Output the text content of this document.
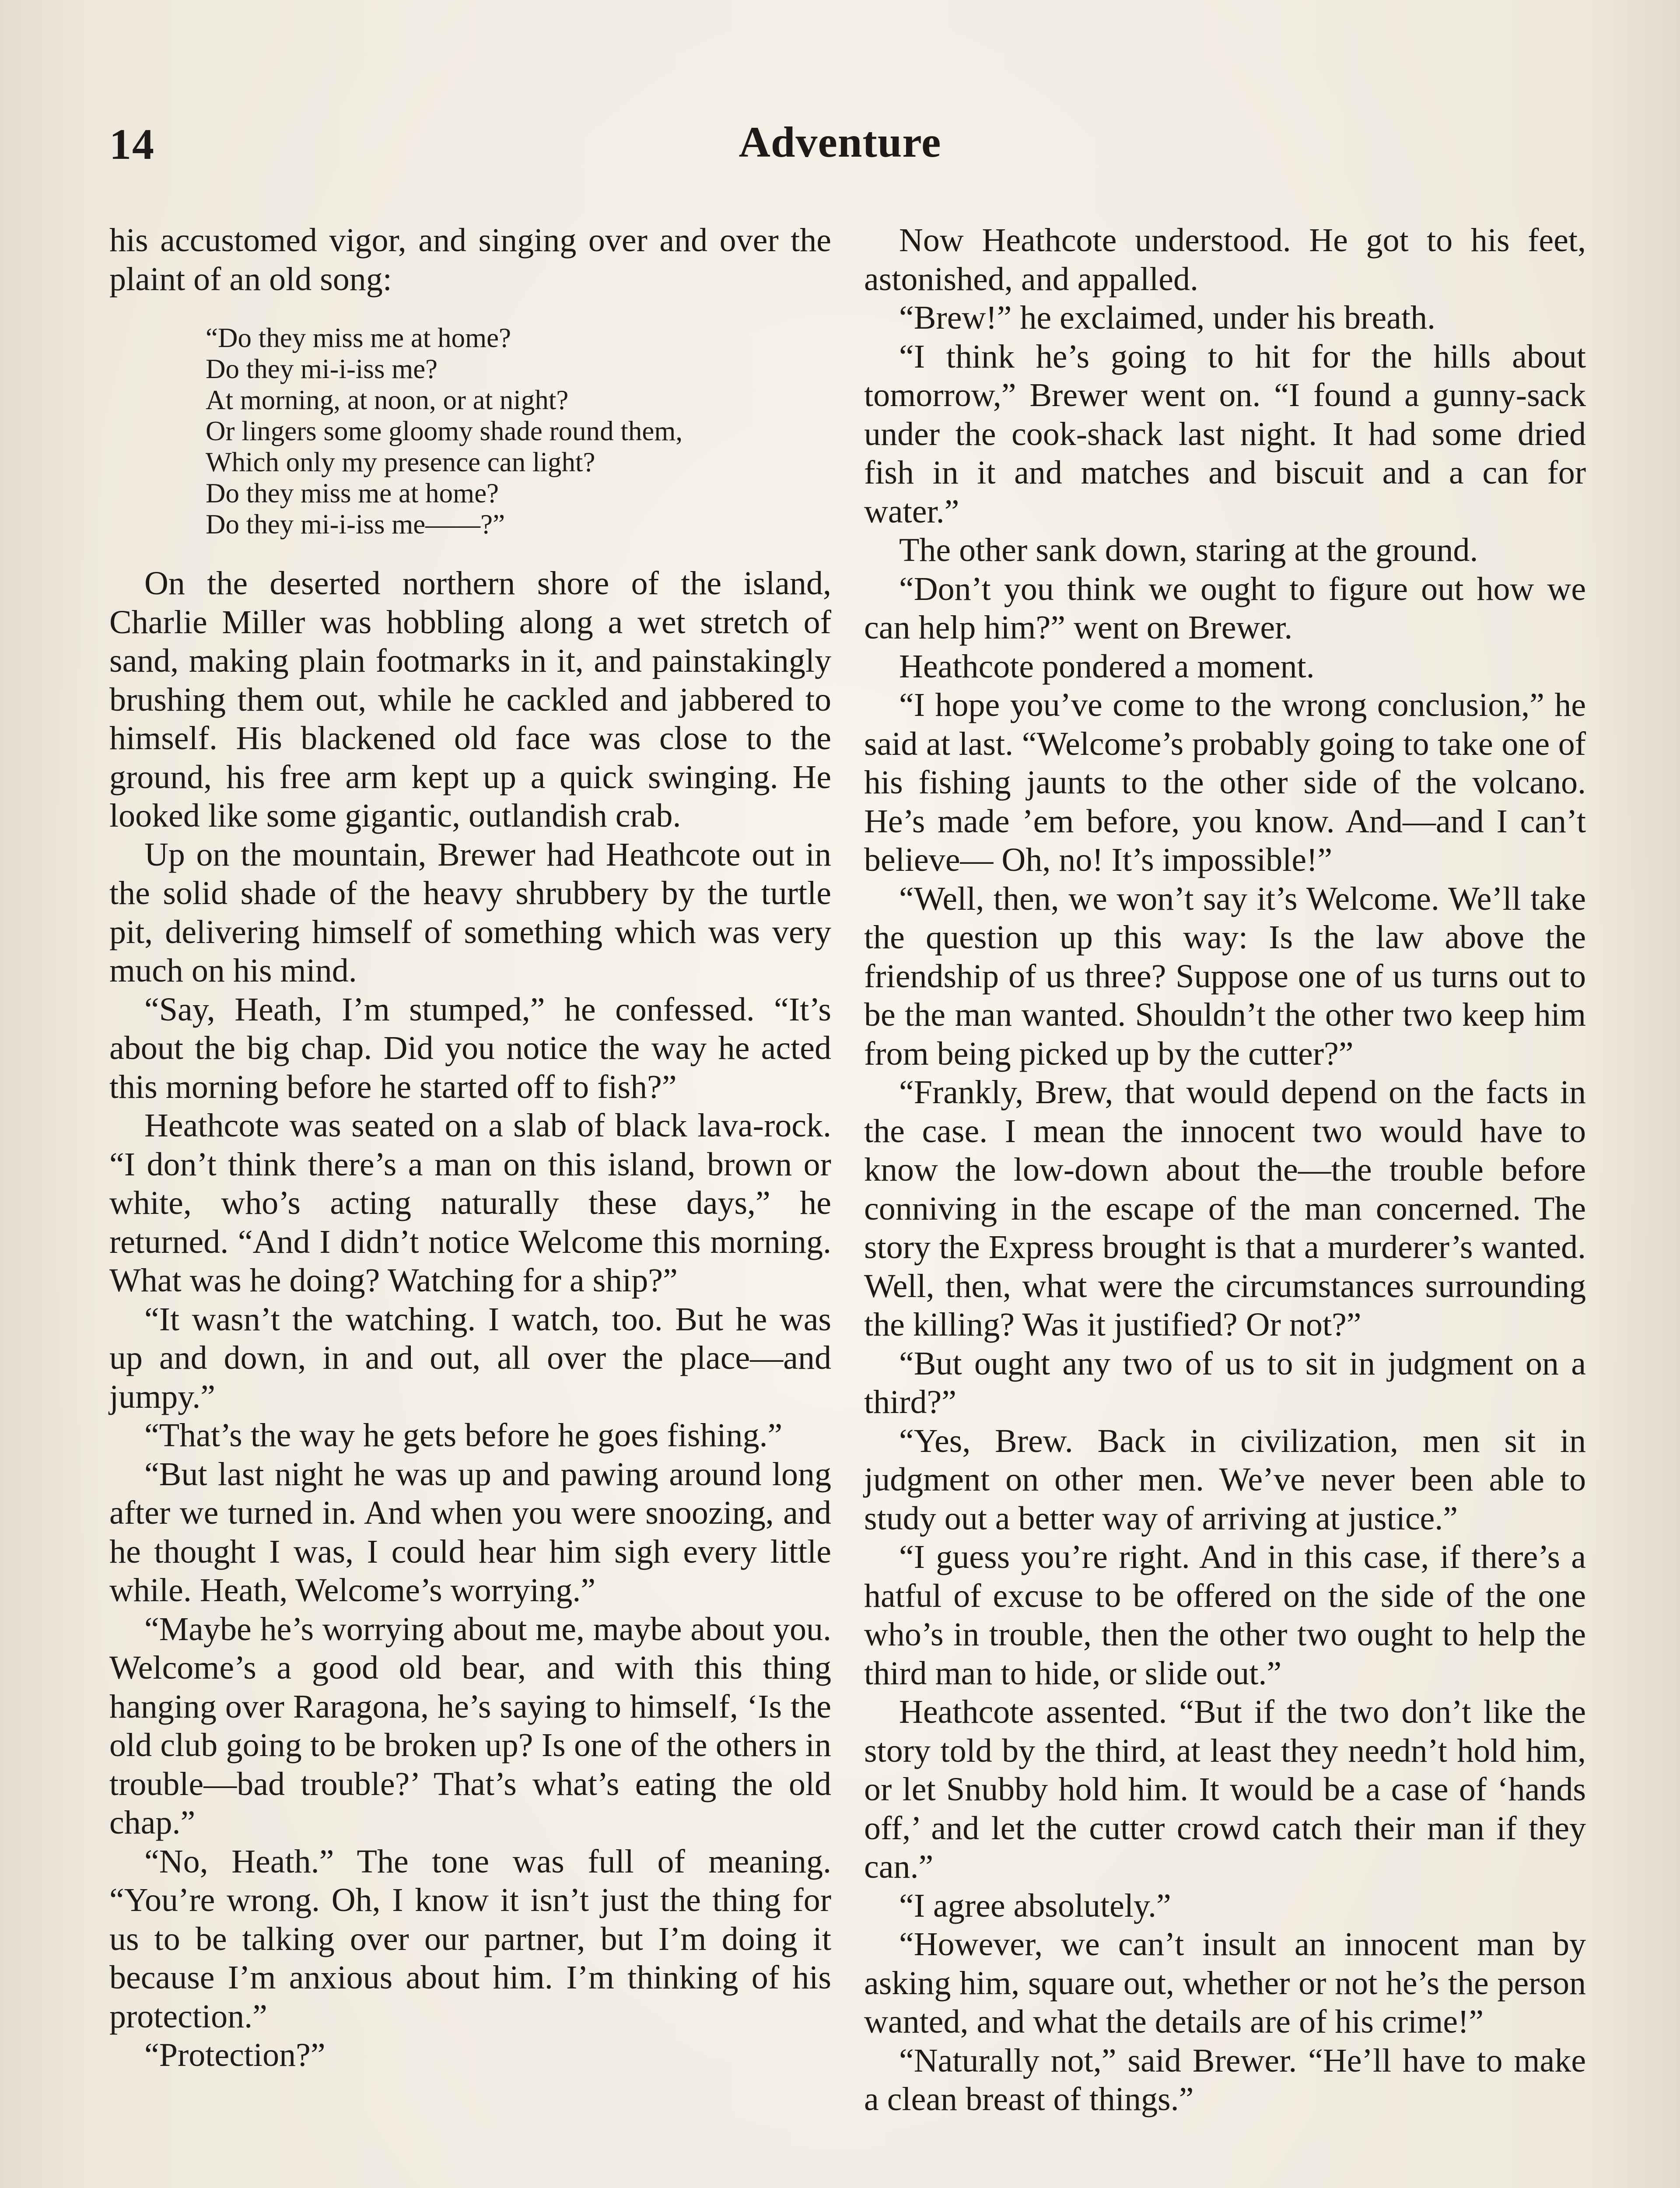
14	Adventure

his accustomed vigor, and singing over and over the plaint of an old song:

“Do they miss me at home?
Do they mi-i-iss me?
At morning, at noon, or at night?
Or lingers some gloomy shade round them,
Which only my presence can light?
Do they miss me at home?
Do they mi-i-iss me——?”

On the deserted northern shore of the island, Charlie Miller was hobbling along a wet stretch of sand, making plain footmarks in it, and painstakingly brushing them out, while he cackled and jabbered to himself. His blackened old face was close to the ground, his free arm kept up a quick swinging. He looked like some gigantic, outlandish crab.

Up on the mountain, Brewer had Heathcote out in the solid shade of the heavy shrubbery by the turtle pit, delivering himself of something which was very much on his mind.

“Say, Heath, I’m stumped,” he confessed. “It’s about the big chap. Did you notice the way he acted this morning before he started off to fish?”

Heathcote was seated on a slab of black lava-rock. “I don’t think there’s a man on this island, brown or white, who’s acting naturally these days,” he returned. “And I didn’t notice Welcome this morning. What was he doing? Watching for a ship?”

“It wasn’t the watching. I watch, too. But he was up and down, in and out, all over the place—and jumpy.”

“That’s the way he gets before he goes fishing.”

“But last night he was up and pawing around long after we turned in. And when you were snoozing, and he thought I was, I could hear him sigh every little while. Heath, Welcome’s worrying.”

“Maybe he’s worrying about me, maybe about you. Welcome’s a good old bear, and with this thing hanging over Raragona, he’s saying to himself, ‘Is the old club going to be broken up? Is one of the others in trouble—bad trouble?’ That’s what’s eating the old chap.”

“No, Heath.” The tone was full of meaning. “You’re wrong. Oh, I know it isn’t just the thing for us to be talking over our partner, but I’m doing it because I’m anxious about him. I’m thinking of his protection.”

“Protection?”

Now Heathcote understood. He got to his feet, astonished, and appalled.

“Brew!” he exclaimed, under his breath.

“I think he’s going to hit for the hills about tomorrow,” Brewer went on. “I found a gunny-sack under the cook-shack last night. It had some dried fish in it and matches and biscuit and a can for water.”

The other sank down, staring at the ground.

“Don’t you think we ought to figure out how we can help him?” went on Brewer.

Heathcote pondered a moment.

“I hope you’ve come to the wrong conclusion,” he said at last. “Welcome’s probably going to take one of his fishing jaunts to the other side of the volcano. He’s made ’em before, you know. And—and I can’t believe— Oh, no! It’s impossible!”

“Well, then, we won’t say it’s Welcome. We’ll take the question up this way: Is the law above the friendship of us three? Suppose one of us turns out to be the man wanted. Shouldn’t the other two keep him from being picked up by the cutter?”

“Frankly, Brew, that would depend on the facts in the case. I mean the innocent two would have to know the low-down about the—the trouble before conniving in the escape of the man concerned. The story the Express brought is that a murderer’s wanted. Well, then, what were the circumstances surrounding the killing? Was it justified? Or not?”

“But ought any two of us to sit in judgment on a third?”

“Yes, Brew. Back in civilization, men sit in judgment on other men. We’ve never been able to study out a better way of arriving at justice.”

“I guess you’re right. And in this case, if there’s a hatful of excuse to be offered on the side of the one who’s in trouble, then the other two ought to help the third man to hide, or slide out.”

Heathcote assented. “But if the two don’t like the story told by the third, at least they needn’t hold him, or let Snubby hold him. It would be a case of ‘hands off,’ and let the cutter crowd catch their man if they can.”

“I agree absolutely.”

“However, we can’t insult an innocent man by asking him, square out, whether or not he’s the person wanted, and what the details are of his crime!”

“Naturally not,” said Brewer. “He’ll have to make a clean breast of things.”
